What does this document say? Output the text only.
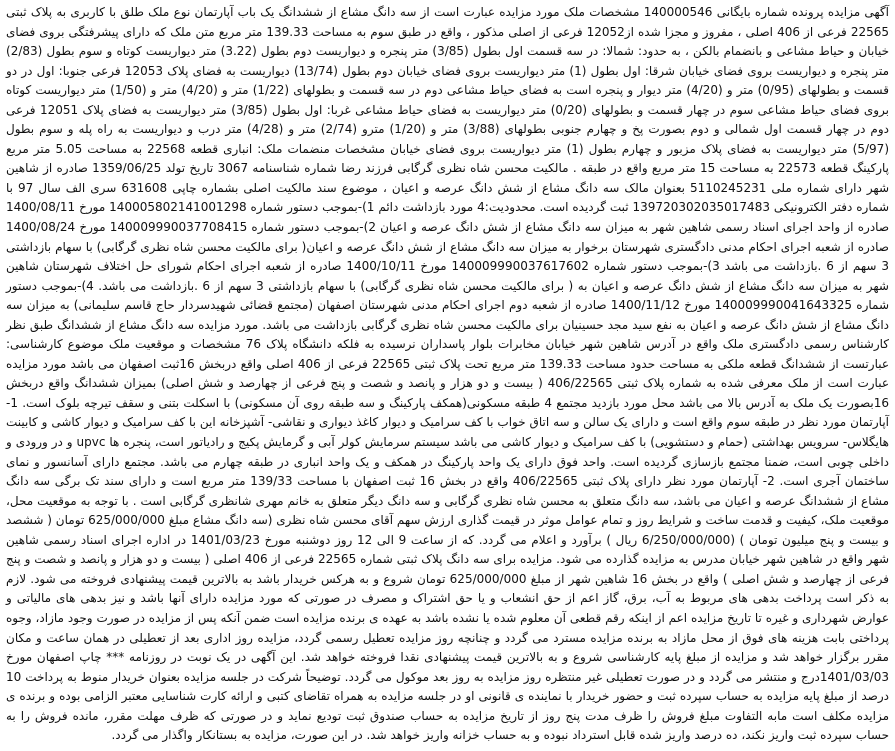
آگهی مزایده پرونده شماره بایگانی 140000546 مشخصات ملک مورد مزایده عبارت است از سه دانگ مشاع از ششدانگ یک باب آپارتمان نوع ملک طلق با کاربری به پلاک ثبتی 22565 فرعی از 406 اصلی ، مفروز و مجزا شده از12052 فرعی از اصلی مذکور ، واقع در طبق سوم به مساحت 139.33 متر مربع متن ملک که دارای پیشرفتگی بروی فضای خیابان و حیاط مشاعی و بانضمام بالکن ، به حدود: شمالا: در سه قسمت اول بطول (3/85) متر پنجره و دیواریست دوم بطول (3.22) متر دیواریست کوتاه و سوم بطول (2/83) متر پنجره و دیواریست بروی فضای خیابان شرقا: اول بطول (1) متر دیواریست بروی فضای خیابان دوم بطول (13/74) دیواریست به فضای پلاک 12053 فرعی جنوبا: اول در دو قسمت و بطولهای (0/95) متر و (4/20) متر دیوار و پنجره است به فضای حیاط مشاعی دوم در سه قسمت و بطولهای (1/22) متر و (4/20) متر و (1/50) متر دیواریست کوتاه بروی فضای حیاط مشاعی سوم در چهار قسمت و بطولهای (0/20) متر دیواریست به فضای حیاط مشاعی غربا: اول بطول (3/85) متر دیواریست به فضای پلاک 12051 فرعی دوم در چهار قسمت اول شمالی و دوم بصورت پخ و چهارم جنوبی بطولهای (3/88) متر و (1/20) مترو (2/74) متر و (4/28) متر درب و دیواریست به راه پله و سوم بطول (5/97) متر دیواریست به فضای پلاک مزبور و چهارم بطول (1) متر دیواریست بروی فضای خیابان مشخصات منضمات ملک: انباری قطعه 22568 به مساحت 5.05 متر مربع پارکینگ قطعه 22573 به مساحت 15 متر مربع واقع در طبقه . مالکیت محسن شاه نظری گرگابی فرزند رضا شماره شناسنامه 3067 تاریخ تولد 1359/06/25 صادره از شاهین شهر دارای شماره ملی 5110245231 بعنوان مالک سه دانگ مشاع از شش دانگ عرصه و اعیان ، موضوع سند مالکیت اصلی بشماره چاپی 631608 سری الف سال 97 با شماره دفتر الکترونیکی 139720302035017483 ثبت گردیده است. محدودیت:4 مورد بازداشت دائم 1)-بموجب دستور شماره 140005802141001298 مورخ 1400/08/11 صادره از واحد اجرای اسناد رسمی شاهین شهر به میزان سه دانگ مشاع از شش دانگ عرصه و اعیان 2)-بموجب دستور شماره 140009990037708415 مورخ 1400/08/24 صادره از شعبه اجرای احکام مدنی دادگستری شهرستان برخوار به میزان سه دانگ مشاع از شش دانگ عرصه و اعیان( برای مالکیت محسن شاه نظری گرگابی) با سهام بازداشتی 3 سهم از 6 .بازداشت می باشد 3)-بموجب دستور شماره 140009990037617602 مورخ 1400/10/11 صادره از شعبه اجرای احکام شورای حل اختلاف شهرستان شاهین شهر به میزان سه دانگ مشاع از شش دانگ عرصه و اعیان به ( برای مالکیت محسن شاه نظری گرگابی) با سهام بازداشتی 3 سهم از 6 .بازداشت می باشد. 4)-بموجب دستور شماره 140009990041643325 مورخ 1400/11/12 صادره از شعبه دوم اجرای احکام مدنی شهرستان اصفهان (مجتمع قضائی شهیدسردار حاج قاسم سلیمانی) به میزان سه دانگ مشاع از شش دانگ عرصه و اعیان به نفع سید مجد حسینیان برای مالکیت محسن شاه نظری گرگابی بازداشت می باشد. مورد مزایده سه دانگ مشاع از ششدانگ طبق نظر کارشناس رسمی دادگستری ملک واقع در آدرس شاهین شهر خیابان مخابرات بلوار پاسداران نرسیده به فلکه دانشگاه پلاک 76 مشخصات و موقعیت ملک موضوع کارشناسی: عبارتست از ششدانگ قطعه ملکی به مساحت حدود مساحت 139.33 متر مربع تحت پلاک ثبتی 22565 فرعی از 406 اصلی واقع دربخش 16ثبت اصفهان می باشد مورد مزایده عبارت است از ملک معرفی شده به شماره پلاک ثبتی 406/22565 ( بیست و دو هزار و پانصد و شصت و پنج فرعی از چهارصد و شش اصلی) بمیزان ششدانگ واقع دربخش 16بصورت یک ملک به آدرس بالا می باشد محل مورد بازدید مجتمع 4 طبقه مسکونی(همکف پارکینگ و سه طبقه روی آن مسکونی) با اسکلت بتنی و سقف تیرچه بلوک است. 1- آپارتمان مورد نظر در طبقه سوم واقع است و دارای یک سالن و سه اتاق خواب با کف سرامیک و دیوار کاغذ دیواری و نقاشی- آشپزخانه این با کف سرامیک و دیوار کاشی و کابینت هایگلاس- سرویس بهداشتی (حمام و دستشویی) با کف سرامیک و دیوار کاشی می باشد سیستم سرمایش کولر آبی و گرمایش پکیج و رادیاتور است، پنجره ها upvc و در ورودی و داخلی چوبی است، ضمنا مجتمع بازسازی گردیده است. واحد فوق دارای یک واحد پارکینگ در همکف و یک واحد انباری در طبقه چهارم می باشد. مجتمع دارای آسانسور و نمای ساختمان آجری است. 2- آپارتمان مورد نظر دارای پلاک ثبتی 406/22565 واقع در بخش 16 ثبت اصفهان با مساحت 139/33 متر مربع است و دارای سند تک برگی سه دانگ مشاع از ششدانگ عرصه و اعیان می باشد، سه دانگ متعلق به محسن شاه نظری گرگابی و سه دانگ دیگر متعلق به خانم مهری شانظری گرگابی است . با توجه به موقعیت محل، موقعیت ملک، کیفیت و قدمت ساخت و شرایط روز و تمام عوامل موثر در قیمت گذاری ارزش سهم آقای محسن شاه نظری (سه دانگ مشاع مبلغ 625/000/000 تومان ( ششصد و بیست و پنج میلیون تومان ) (6/250/000/000 ریال ) برآورد و اعلام می گردد. که از ساعت 9 الی 12 روز دوشنبه مورخ 1401/03/23 در اداره اجرای اسناد رسمی شاهین شهر واقع در شاهین شهر خیابان مدرس به مزایده گذارده می شود. مزایده برای سه دانگ پلاک ثبتی شماره 22565 فرعی از 406 اصلی ( بیست و دو هزار و پانصد و شصت و پنج فرعی از چهارصد و شش اصلی ) واقع در بخش 16 شاهین شهر از مبلغ 625/000/000 تومان شروع و به هرکس خریدار باشد به بالاترین قیمت پیشنهادی فروخته می شود. لازم به ذکر است پرداخت بدهی های مربوط به آب، برق، گاز اعم از حق انشعاب و یا حق اشتراک و مصرف در صورتی که مورد مزایده دارای آنها باشد و نیز بدهی های مالیاتی و عوارض شهرداری و غیره تا تاریخ مزایده اعم از اینکه رقم قطعی آن معلوم شده یا نشده باشد به عهده ی برنده مزایده است ضمن آنکه پس از مزایده در صورت وجود مازاد، وجوه پرداختی بابت هزینه های فوق از محل مازاد به برنده مزایده مسترد می گردد و چنانچه روز مزایده تعطیل رسمی گردد، مزایده روز اداری بعد از تعطیلی در همان ساعت و مکان مقرر برگزار خواهد شد و مزایده از مبلغ پایه کارشناسی شروع و به بالاترین قیمت پیشنهادی نقدا فروخته خواهد شد. این آگهی در یک نوبت در روزنامه *** چاپ اصفهان مورخ 1401/03/03درج و منتشر می گردد و در صورت تعطیلی غیر منتظره روز مزایده به روز بعد موکول می گردد. توضیحاً شرکت در جلسه مزایده بعنوان خریدار منوط به پرداخت 10 درصد از مبلغ پایه مزایده به حساب سپرده ثبت و حضور خریدار با نماینده ی قانونی او در جلسه مزایده به همراه تقاضای کتبی و ارائه کارت شناسایی معتبر الزامی بوده و برنده ی مزایده مکلف است مابه التفاوت مبلغ فروش را ظرف مدت پنج روز از تاریخ مزایده به حساب صندوق ثبت تودیع نماید و در صورتی که ظرف مهلت مقرر، مانده فروش را به حساب سپرده ثبت واریز نکند، ده درصد واریز شده قابل استرداد نبوده و به حساب خزانه واریز خواهد شد. در این صورت، مزایده به بستانکار واگذار می گردد.
